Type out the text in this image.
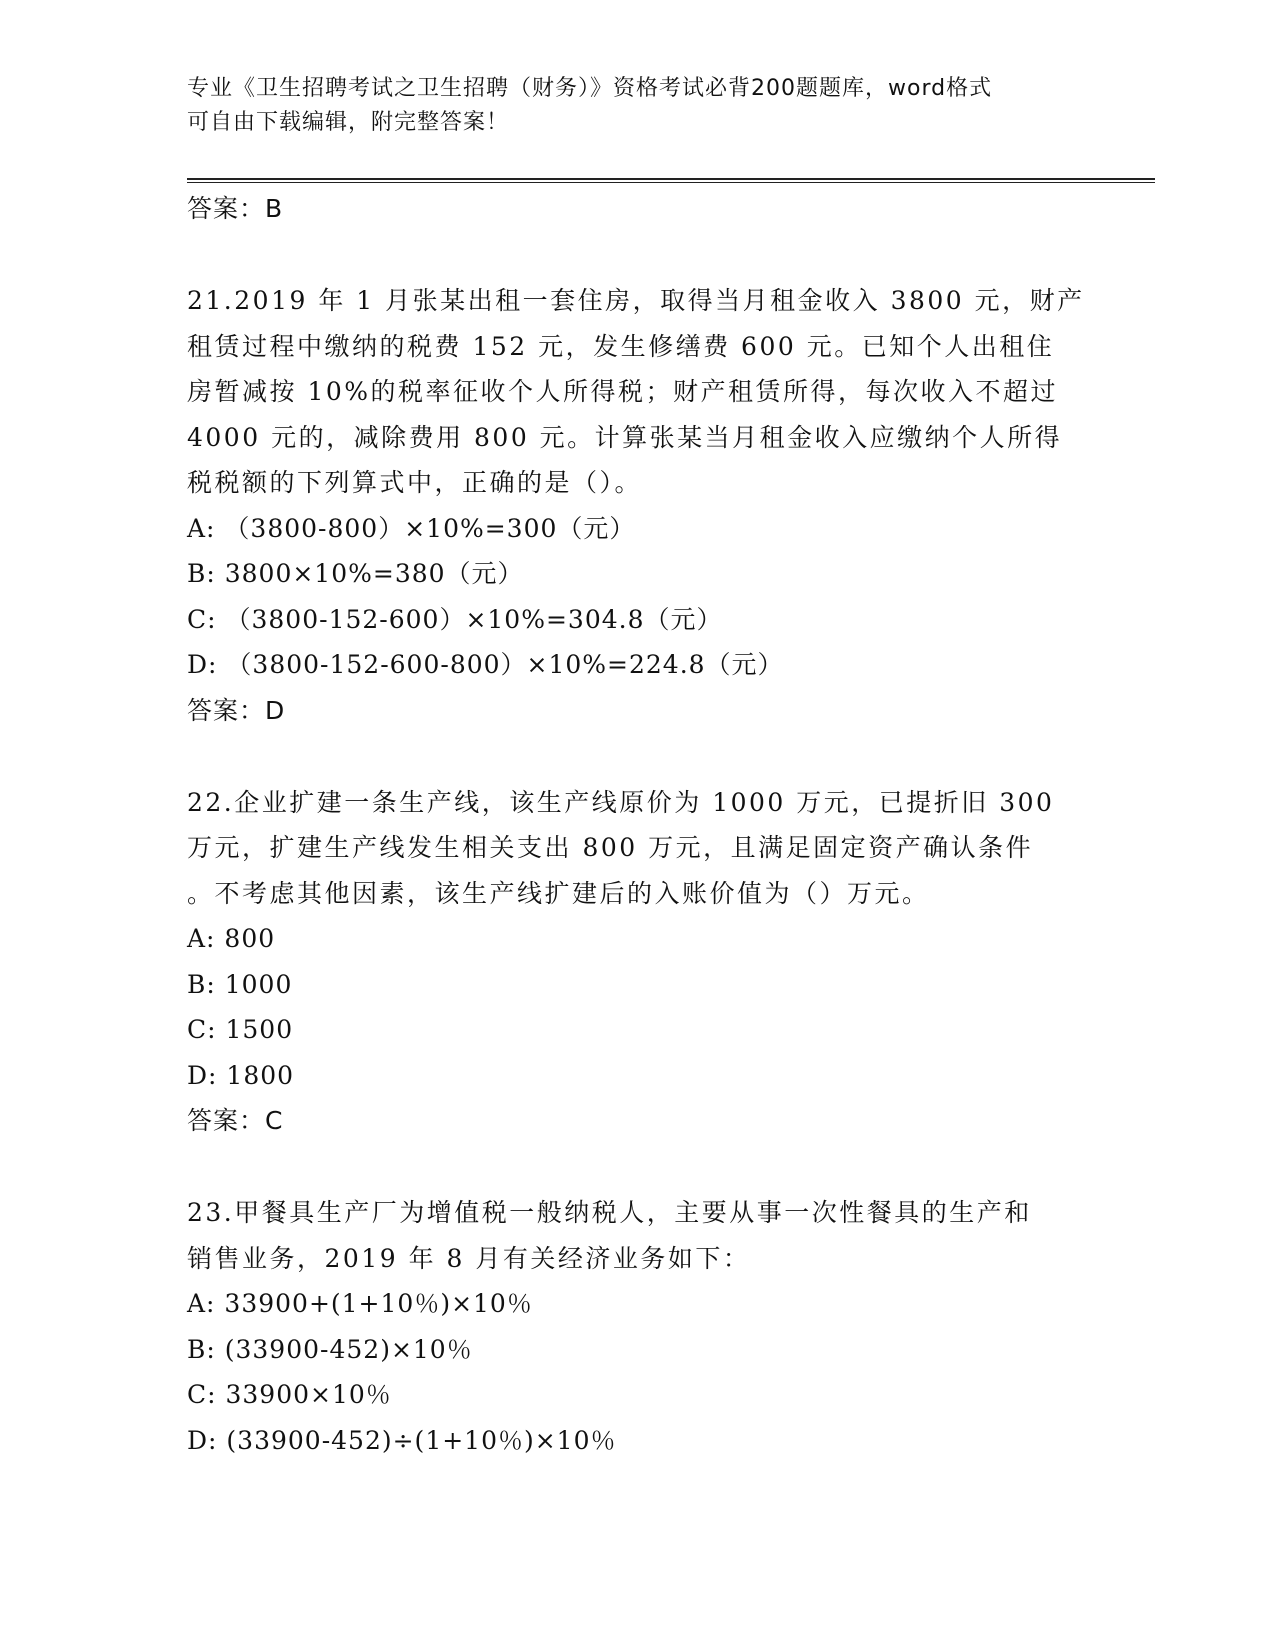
专业《卫生招聘考试之卫生招聘（财务）》资格考试必背200题题库，word格式
可自由下载编辑，附完整答案！
答案：B
21.2019 年 1 月张某出租一套住房，取得当月租金收入 3800 元，财产
租赁过程中缴纳的税费 152 元，发生修缮费 600 元。已知个人出租住
房暂减按 10%的税率征收个人所得税；财产租赁所得，每次收入不超过
4000 元的，减除费用 800 元。计算张某当月租金收入应缴纳个人所得
税税额的下列算式中，正确的是（）。
A: （3800-800）×10%=300（元）
B: 3800×10%=380（元）
C: （3800-152-600）×10%=304.8（元）
D: （3800-152-600-800）×10%=224.8（元）
答案：D
22.企业扩建一条生产线，该生产线原价为 1000 万元，已提折旧 300
万元，扩建生产线发生相关支出 800 万元，且满足固定资产确认条件
。不考虑其他因素，该生产线扩建后的入账价值为（）万元。
A: 800
B: 1000
C: 1500
D: 1800
答案：C
23.甲餐具生产厂为增值税一般纳税人，主要从事一次性餐具的生产和
销售业务，2019 年 8 月有关经济业务如下：
A: 33900+(1+10％)×10％
B: (33900-452)×10％
C: 33900×10％
D: (33900-452)÷(1+10％)×10％
